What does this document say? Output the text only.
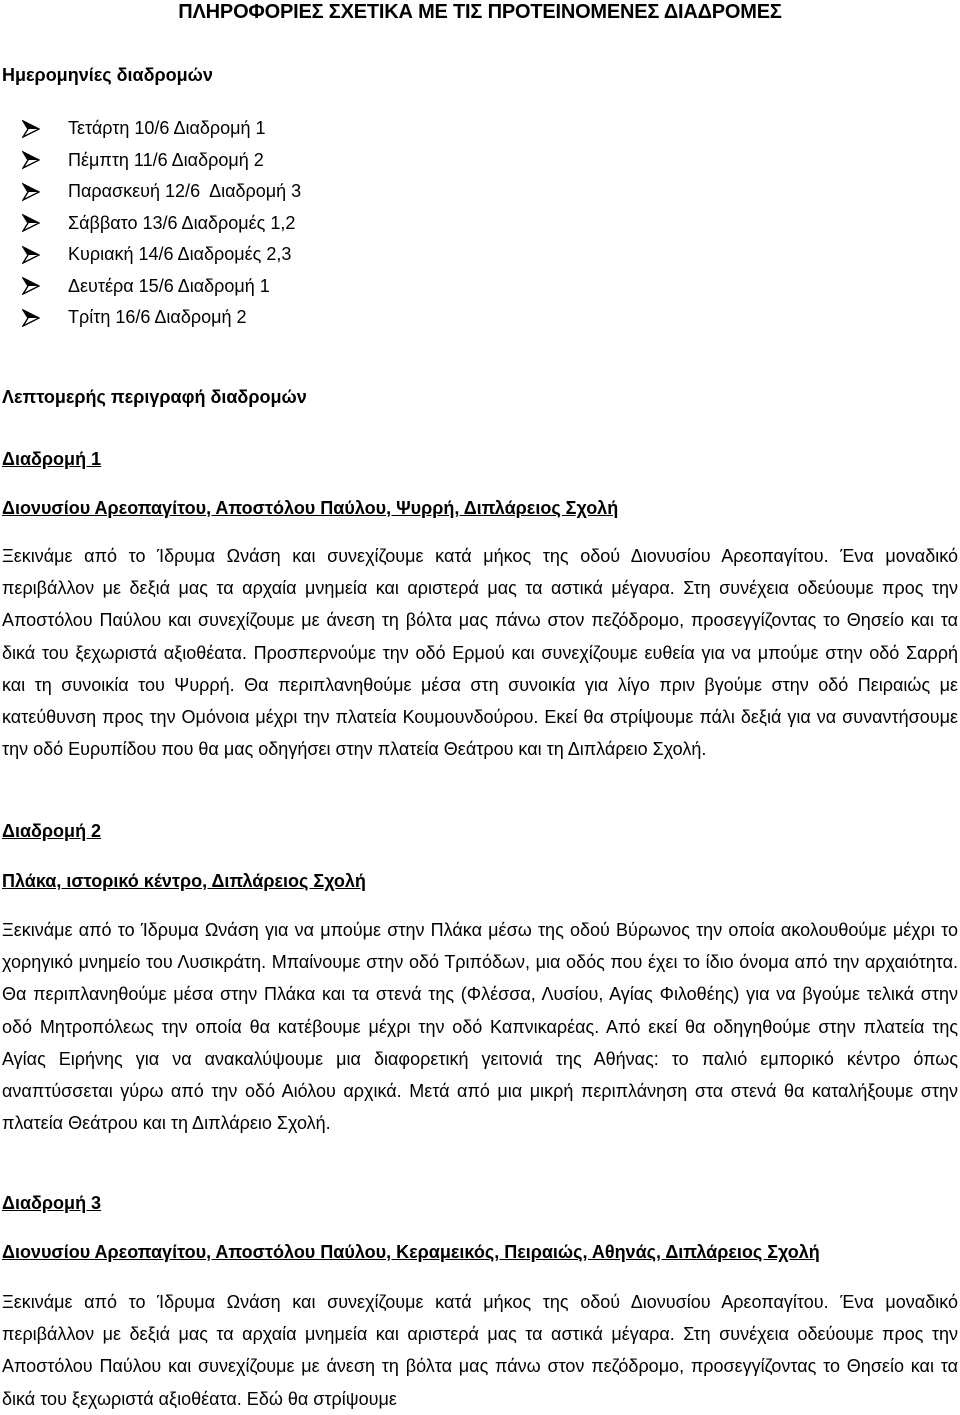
ΠΛΗΡΟΦΟΡΙΕΣ ΣΧΕΤΙΚΑ ΜΕ ΤΙΣ ΠΡΟΤΕΙΝΟΜΕΝΕΣ ΔΙΑΔΡΟΜΕΣ
Ημερομηνίες διαδρομών
Τετάρτη 10/6 Διαδρομή 1
Πέμπτη 11/6 Διαδρομή 2
Παρασκευή 12/6  Διαδρομή 3
Σάββατο 13/6 Διαδρομές 1,2
Κυριακή 14/6 Διαδρομές 2,3
Δευτέρα 15/6 Διαδρομή 1
Τρίτη 16/6 Διαδρομή 2
Λεπτομερής περιγραφή διαδρομών
Διαδρομή 1
Διονυσίου Αρεοπαγίτου, Αποστόλου Παύλου, Ψυρρή, Διπλάρειος Σχολή

Ξεκινάμε από το Ίδρυμα Ωνάση και συνεχίζουμε κατά μήκος της οδού Διονυσίου Αρεοπαγίτου. Ένα μοναδικό περιβάλλον με δεξιά μας τα αρχαία μνημεία και αριστερά μας τα αστικά μέγαρα. Στη συνέχεια οδεύουμε προς την Αποστόλου Παύλου και συνεχίζουμε με άνεση τη βόλτα μας πάνω στον πεζόδρομο, προσεγγίζοντας το Θησείο και τα δικά του ξεχωριστά αξιοθέατα. Προσπερνούμε την οδό Ερμού και συνεχίζουμε ευθεία για να μπούμε στην οδό Σαρρή και τη συνοικία του Ψυρρή. Θα περιπλανηθούμε μέσα στη συνοικία για λίγο πριν βγούμε στην οδό Πειραιώς με κατεύθυνση προς την Ομόνοια μέχρι την πλατεία Κουμουνδούρου. Εκεί θα στρίψουμε πάλι δεξιά για να συναντήσουμε την οδό Ευρυπίδου που θα μας οδηγήσει στην πλατεία Θεάτρου και τη Διπλάρειο Σχολή.

Διαδρομή 2
Πλάκα, ιστορικό κέντρο, Διπλάρειος Σχολή

Ξεκινάμε από το Ίδρυμα Ωνάση για να μπούμε στην Πλάκα μέσω της οδού Βύρωνος την οποία ακολουθούμε μέχρι το χορηγικό μνημείο του Λυσικράτη. Μπαίνουμε στην οδό Τριπόδων, μια οδός που έχει το ίδιο όνομα από την αρχαιότητα. Θα περιπλανηθούμε μέσα στην Πλάκα και τα στενά της (Φλέσσα, Λυσίου, Αγίας Φιλοθέης) για να βγούμε τελικά στην οδό Μητροπόλεως την οποία θα κατέβουμε μέχρι την οδό Καπνικαρέας. Από εκεί θα οδηγηθούμε στην πλατεία της Αγίας Ειρήνης για να ανακαλύψουμε μια διαφορετική γειτονιά της Αθήνας: το παλιό εμπορικό κέντρο όπως αναπτύσσεται γύρω από την οδό Αιόλου αρχικά. Μετά από μια μικρή περιπλάνηση στα στενά θα καταλήξουμε στην πλατεία Θεάτρου και τη Διπλάρειο Σχολή.

Διαδρομή 3
Διονυσίου Αρεοπαγίτου, Αποστόλου Παύλου, Κεραμεικός, Πειραιώς, Αθηνάς, Διπλάρειος Σχολή

Ξεκινάμε από το Ίδρυμα Ωνάση και συνεχίζουμε κατά μήκος της οδού Διονυσίου Αρεοπαγίτου. Ένα μοναδικό περιβάλλον με δεξιά μας τα αρχαία μνημεία και αριστερά μας τα αστικά μέγαρα. Στη συνέχεια οδεύουμε προς την Αποστόλου Παύλου και συνεχίζουμε με άνεση τη βόλτα μας πάνω στον πεζόδρομο, προσεγγίζοντας το Θησείο και τα δικά του ξεχωριστά αξιοθέατα. Εδώ θα στρίψουμε
